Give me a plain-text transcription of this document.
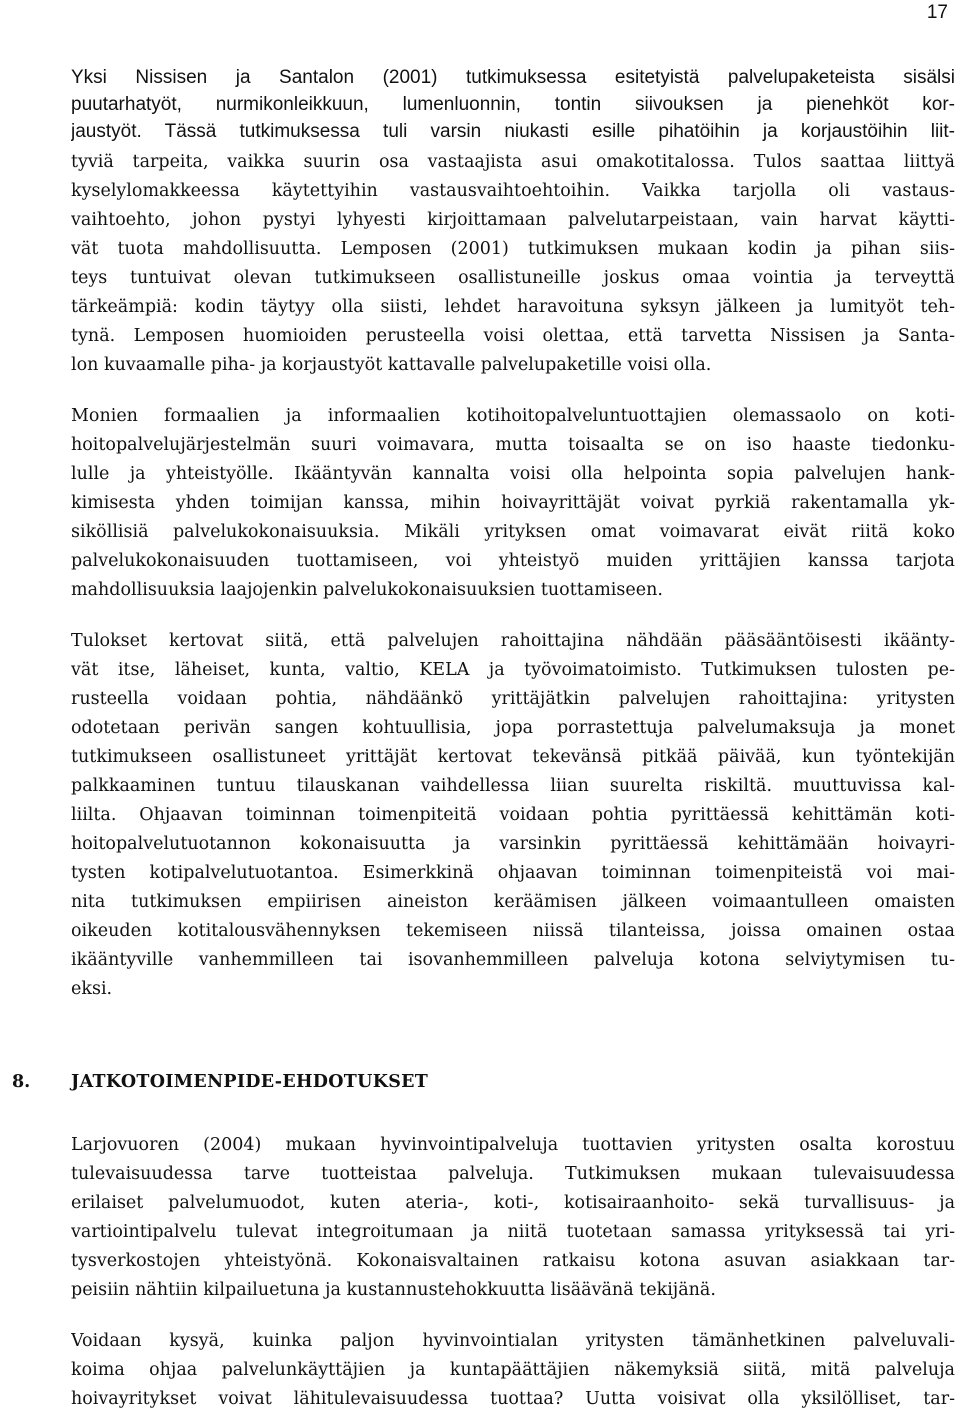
17
Yksi Nissisen ja Santalon (2001) tutkimuksessa esitetyistä palvelupaketeista sisälsi
puutarhatyöt, nurmikonleikkuun, lumenluonnin, tontin siivouksen ja pienehköt kor-
jaustyöt. Tässä tutkimuksessa tuli varsin niukasti esille pihatöihin ja korjaustöihin liit-
tyviä tarpeita, vaikka suurin osa vastaajista asui omakotitalossa. Tulos saattaa liittyä
kyselylomakkeessa käytettyihin vastausvaihtoehtoihin. Vaikka tarjolla oli vastaus-
vaihtoehto, johon pystyi lyhyesti kirjoittamaan palvelutarpeistaan, vain harvat käytti-
vät tuota mahdollisuutta. Lemposen (2001) tutkimuksen mukaan kodin ja pihan siis-
teys tuntuivat olevan tutkimukseen osallistuneille joskus omaa vointia ja terveyttä
tärkeämpiä: kodin täytyy olla siisti, lehdet haravoituna syksyn jälkeen ja lumityöt teh-
tynä. Lemposen huomioiden perusteella voisi olettaa, että tarvetta Nissisen ja Santa-
lon kuvaamalle piha- ja korjaustyöt kattavalle palvelupaketille voisi olla.
Monien formaalien ja informaalien kotihoitopalveluntuottajien olemassaolo on koti-
hoitopalvelujärjestelmän suuri voimavara, mutta toisaalta se on iso haaste tiedonku-
lulle ja yhteistyölle. Ikääntyvän kannalta voisi olla helpointa sopia palvelujen hank-
kimisesta yhden toimijan kanssa, mihin hoivayrittäjät voivat pyrkiä rakentamalla yk-
siköllisiä palvelukokonaisuuksia. Mikäli yrityksen omat voimavarat eivät riitä koko
palvelukokonaisuuden tuottamiseen, voi yhteistyö muiden yrittäjien kanssa tarjota
mahdollisuuksia laajojenkin palvelukokonaisuuksien tuottamiseen.
Tulokset kertovat siitä, että palvelujen rahoittajina nähdään pääsääntöisesti ikäänty-
vät itse, läheiset, kunta, valtio, KELA ja työvoimatoimisto. Tutkimuksen tulosten pe-
rusteella voidaan pohtia, nähdäänkö yrittäjätkin palvelujen rahoittajina: yritysten
odotetaan perivän sangen kohtuullisia, jopa porrastettuja palvelumaksuja ja monet
tutkimukseen osallistuneet yrittäjät kertovat tekevänsä pitkää päivää, kun työntekijän
palkkaaminen tuntuu tilauskanan vaihdellessa liian suurelta riskiltä. muuttuvissa kal-
liilta. Ohjaavan toiminnan toimenpiteitä voidaan pohtia pyrittäessä kehittämän koti-
hoitopalvelutuotannon kokonaisuutta ja varsinkin pyrittäessä kehittämään hoivayri-
tysten kotipalvelutuotantoa. Esimerkkinä ohjaavan toiminnan toimenpiteistä voi mai-
nita tutkimuksen empiirisen aineiston keräämisen jälkeen voimaantulleen omaisten
oikeuden kotitalousvähennyksen tekemiseen niissä tilanteissa, joissa omainen ostaa
ikääntyville vanhemmilleen tai isovanhemmilleen palveluja kotona selviytymisen tu-
eksi.
8. JATKOTOIMENPIDE-EHDOTUKSET
Larjovuoren (2004) mukaan hyvinvointipalveluja tuottavien yritysten osalta korostuu
tulevaisuudessa tarve tuotteistaa palveluja. Tutkimuksen mukaan tulevaisuudessa
erilaiset palvelumuodot, kuten ateria-, koti-, kotisairaanhoito- sekä turvallisuus- ja
vartiointipalvelu tulevat integroitumaan ja niitä tuotetaan samassa yrityksessä tai yri-
tysverkostojen yhteistyönä. Kokonaisvaltainen ratkaisu kotona asuvan asiakkaan tar-
peisiin nähtiin kilpailuetuna ja kustannustehokkuutta lisäävänä tekijänä.
Voidaan kysyä, kuinka paljon hyvinvointialan yritysten tämänhetkinen palveluvali-
koima ohjaa palvelunkäyttäjien ja kuntapäättäjien näkemyksiä siitä, mitä palveluja
hoivayritykset voivat lähitulevaisuudessa tuottaa? Uutta voisivat olla yksilölliset, tar-
